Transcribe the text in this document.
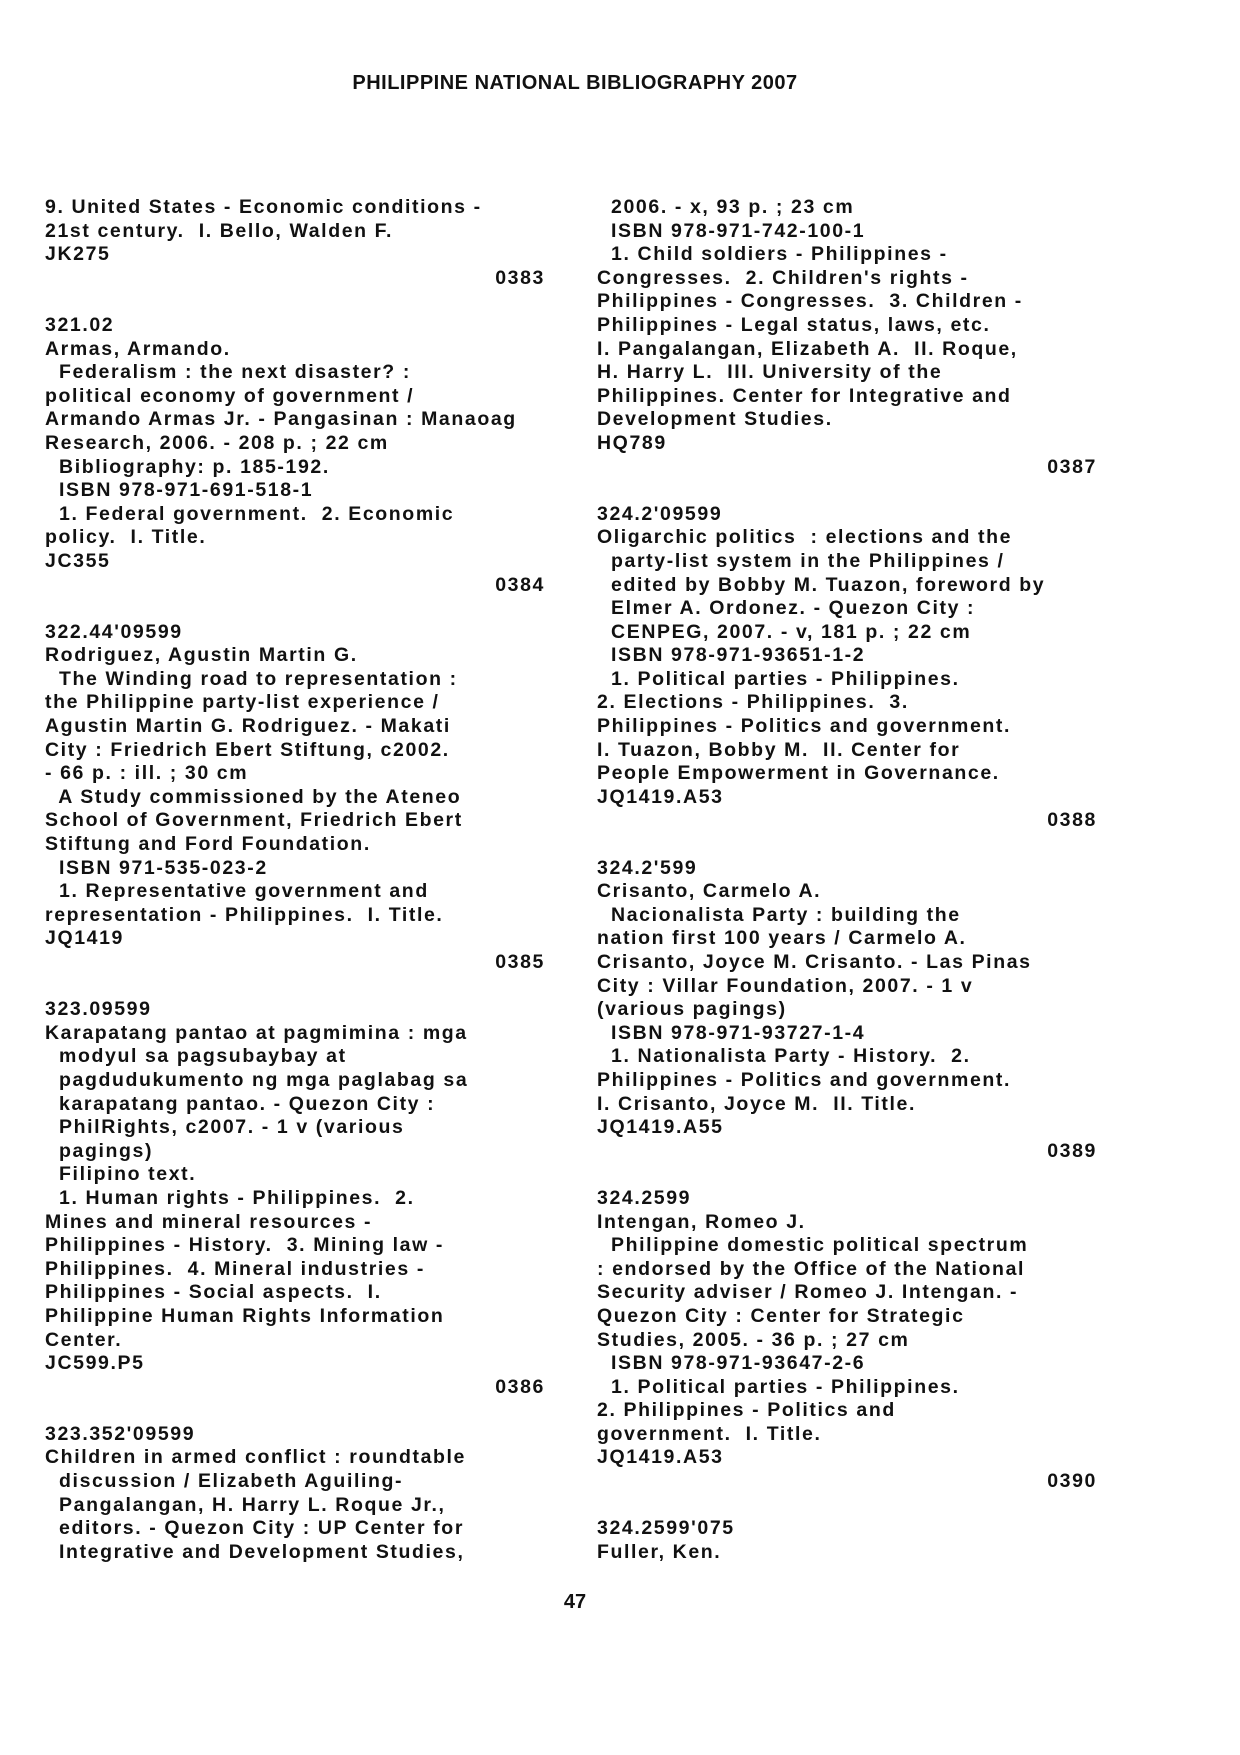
PHILIPPINE NATIONAL BIBLIOGRAPHY 2007
9. United States - Economic conditions -
21st century.  I. Bello, Walden F.
JK275
0383
321.02
Armas, Armando.
Federalism : the next disaster? :
political economy of government /
Armando Armas Jr. - Pangasinan : Manaoag
Research, 2006. - 208 p. ; 22 cm
Bibliography: p. 185-192.
ISBN 978-971-691-518-1
1. Federal government.  2. Economic
policy.  I. Title.
JC355
0384
322.44'09599
Rodriguez, Agustin Martin G.
The Winding road to representation :
the Philippine party-list experience /
Agustin Martin G. Rodriguez. - Makati
City : Friedrich Ebert Stiftung, c2002.
- 66 p. : ill. ; 30 cm
A Study commissioned by the Ateneo
School of Government, Friedrich Ebert
Stiftung and Ford Foundation.
ISBN 971-535-023-2
1. Representative government and
representation - Philippines.  I. Title.
JQ1419
0385
323.09599
Karapatang pantao at pagmimina : mga
modyul sa pagsubaybay at
pagdudukumento ng mga paglabag sa
karapatang pantao. - Quezon City :
PhilRights, c2007. - 1 v (various
pagings)
Filipino text.
1. Human rights - Philippines.  2.
Mines and mineral resources -
Philippines - History.  3. Mining law -
Philippines.  4. Mineral industries -
Philippines - Social aspects.  I.
Philippine Human Rights Information
Center.
JC599.P5
0386
323.352'09599
Children in armed conflict : roundtable
discussion / Elizabeth Aguiling-
Pangalangan, H. Harry L. Roque Jr.,
editors. - Quezon City : UP Center for
Integrative and Development Studies,
2006. - x, 93 p. ; 23 cm
ISBN 978-971-742-100-1
1. Child soldiers - Philippines -
Congresses.  2. Children's rights -
Philippines - Congresses.  3. Children -
Philippines - Legal status, laws, etc.
I. Pangalangan, Elizabeth A.  II. Roque,
H. Harry L.  III. University of the
Philippines. Center for Integrative and
Development Studies.
HQ789
0387
324.2'09599
Oligarchic politics  : elections and the
party-list system in the Philippines /
edited by Bobby M. Tuazon, foreword by
Elmer A. Ordonez. - Quezon City :
CENPEG, 2007. - v, 181 p. ; 22 cm
ISBN 978-971-93651-1-2
1. Political parties - Philippines.
2. Elections - Philippines.  3.
Philippines - Politics and government.
I. Tuazon, Bobby M.  II. Center for
People Empowerment in Governance.
JQ1419.A53
0388
324.2'599
Crisanto, Carmelo A.
Nacionalista Party : building the
nation first 100 years / Carmelo A.
Crisanto, Joyce M. Crisanto. - Las Pinas
City : Villar Foundation, 2007. - 1 v
(various pagings)
ISBN 978-971-93727-1-4
1. Nationalista Party - History.  2.
Philippines - Politics and government.
I. Crisanto, Joyce M.  II. Title.
JQ1419.A55
0389
324.2599
Intengan, Romeo J.
Philippine domestic political spectrum
: endorsed by the Office of the National
Security adviser / Romeo J. Intengan. -
Quezon City : Center for Strategic
Studies, 2005. - 36 p. ; 27 cm
ISBN 978-971-93647-2-6
1. Political parties - Philippines.
2. Philippines - Politics and
government.  I. Title.
JQ1419.A53
0390
324.2599'075
Fuller, Ken.
47
